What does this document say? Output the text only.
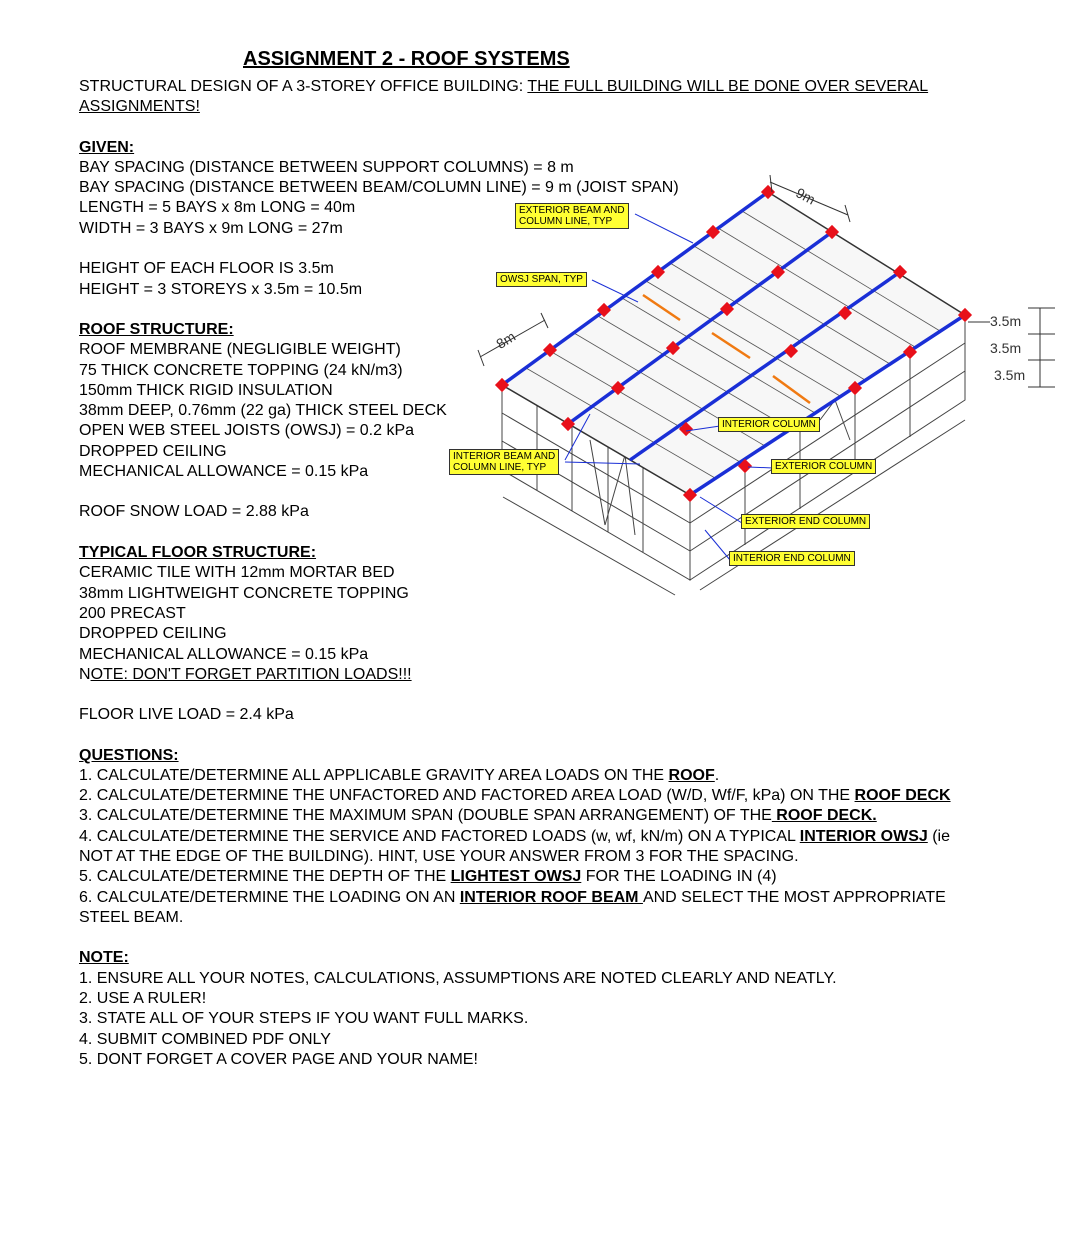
ASSIGNMENT 2 - ROOF SYSTEMS
STRUCTURAL DESIGN OF A 3-STOREY OFFICE BUILDING: THE FULL BUILDING WILL BE DONE OVER SEVERAL
ASSIGNMENTS!
GIVEN:
BAY SPACING (DISTANCE BETWEEN SUPPORT COLUMNS) = 8 m
BAY SPACING (DISTANCE BETWEEN BEAM/COLUMN LINE) = 9 m (JOIST SPAN)
LENGTH = 5 BAYS x 8m LONG = 40m
WIDTH = 3 BAYS x 9m LONG = 27m
HEIGHT OF EACH FLOOR IS 3.5m
HEIGHT = 3 STOREYS x 3.5m = 10.5m
ROOF STRUCTURE:
ROOF MEMBRANE (NEGLIGIBLE WEIGHT)
75 THICK CONCRETE TOPPING (24 kN/m3)
150mm THICK RIGID INSULATION
38mm DEEP, 0.76mm (22 ga) THICK STEEL DECK
OPEN WEB STEEL JOISTS (OWSJ) = 0.2 kPa
DROPPED CEILING
MECHANICAL ALLOWANCE = 0.15 kPa
ROOF SNOW LOAD = 2.88 kPa
TYPICAL FLOOR STRUCTURE:
CERAMIC TILE WITH 12mm MORTAR BED
38mm LIGHTWEIGHT CONCRETE TOPPING
200 PRECAST
DROPPED CEILING
MECHANICAL ALLOWANCE = 0.15 kPa
NOTE: DON'T FORGET PARTITION LOADS!!!
FLOOR LIVE LOAD = 2.4 kPa
QUESTIONS:
1. CALCULATE/DETERMINE ALL APPLICABLE GRAVITY AREA LOADS ON THE ROOF.
2. CALCULATE/DETERMINE THE UNFACTORED AND FACTORED AREA LOAD (W/D, Wf/F, kPa) ON THE ROOF DECK
3. CALCULATE/DETERMINE THE MAXIMUM SPAN (DOUBLE SPAN ARRANGEMENT) OF THE ROOF DECK.
4. CALCULATE/DETERMINE THE SERVICE AND FACTORED LOADS (w, wf, kN/m) ON A TYPICAL INTERIOR OWSJ (ie
NOT AT THE EDGE OF THE BUILDING). HINT, USE YOUR ANSWER FROM 3 FOR THE SPACING.
5. CALCULATE/DETERMINE THE DEPTH OF THE LIGHTEST OWSJ FOR THE LOADING IN (4)
6. CALCULATE/DETERMINE THE LOADING ON AN INTERIOR ROOF BEAM AND SELECT THE MOST APPROPRIATE
STEEL BEAM.
NOTE:
1. ENSURE ALL YOUR NOTES, CALCULATIONS, ASSUMPTIONS ARE NOTED CLEARLY AND NEATLY.
2. USE A RULER!
3. STATE ALL OF YOUR STEPS IF YOU WANT FULL MARKS.
4. SUBMIT COMBINED PDF ONLY
5. DONT FORGET A COVER PAGE AND YOUR NAME!
EXTERIOR BEAM AND
COLUMN LINE, TYP
OWSJ SPAN, TYP
INTERIOR BEAM AND
COLUMN LINE, TYP
INTERIOR COLUMN
EXTERIOR COLUMN
EXTERIOR END COLUMN
INTERIOR END COLUMN
9m
8m
3.5m
3.5m
3.5m
